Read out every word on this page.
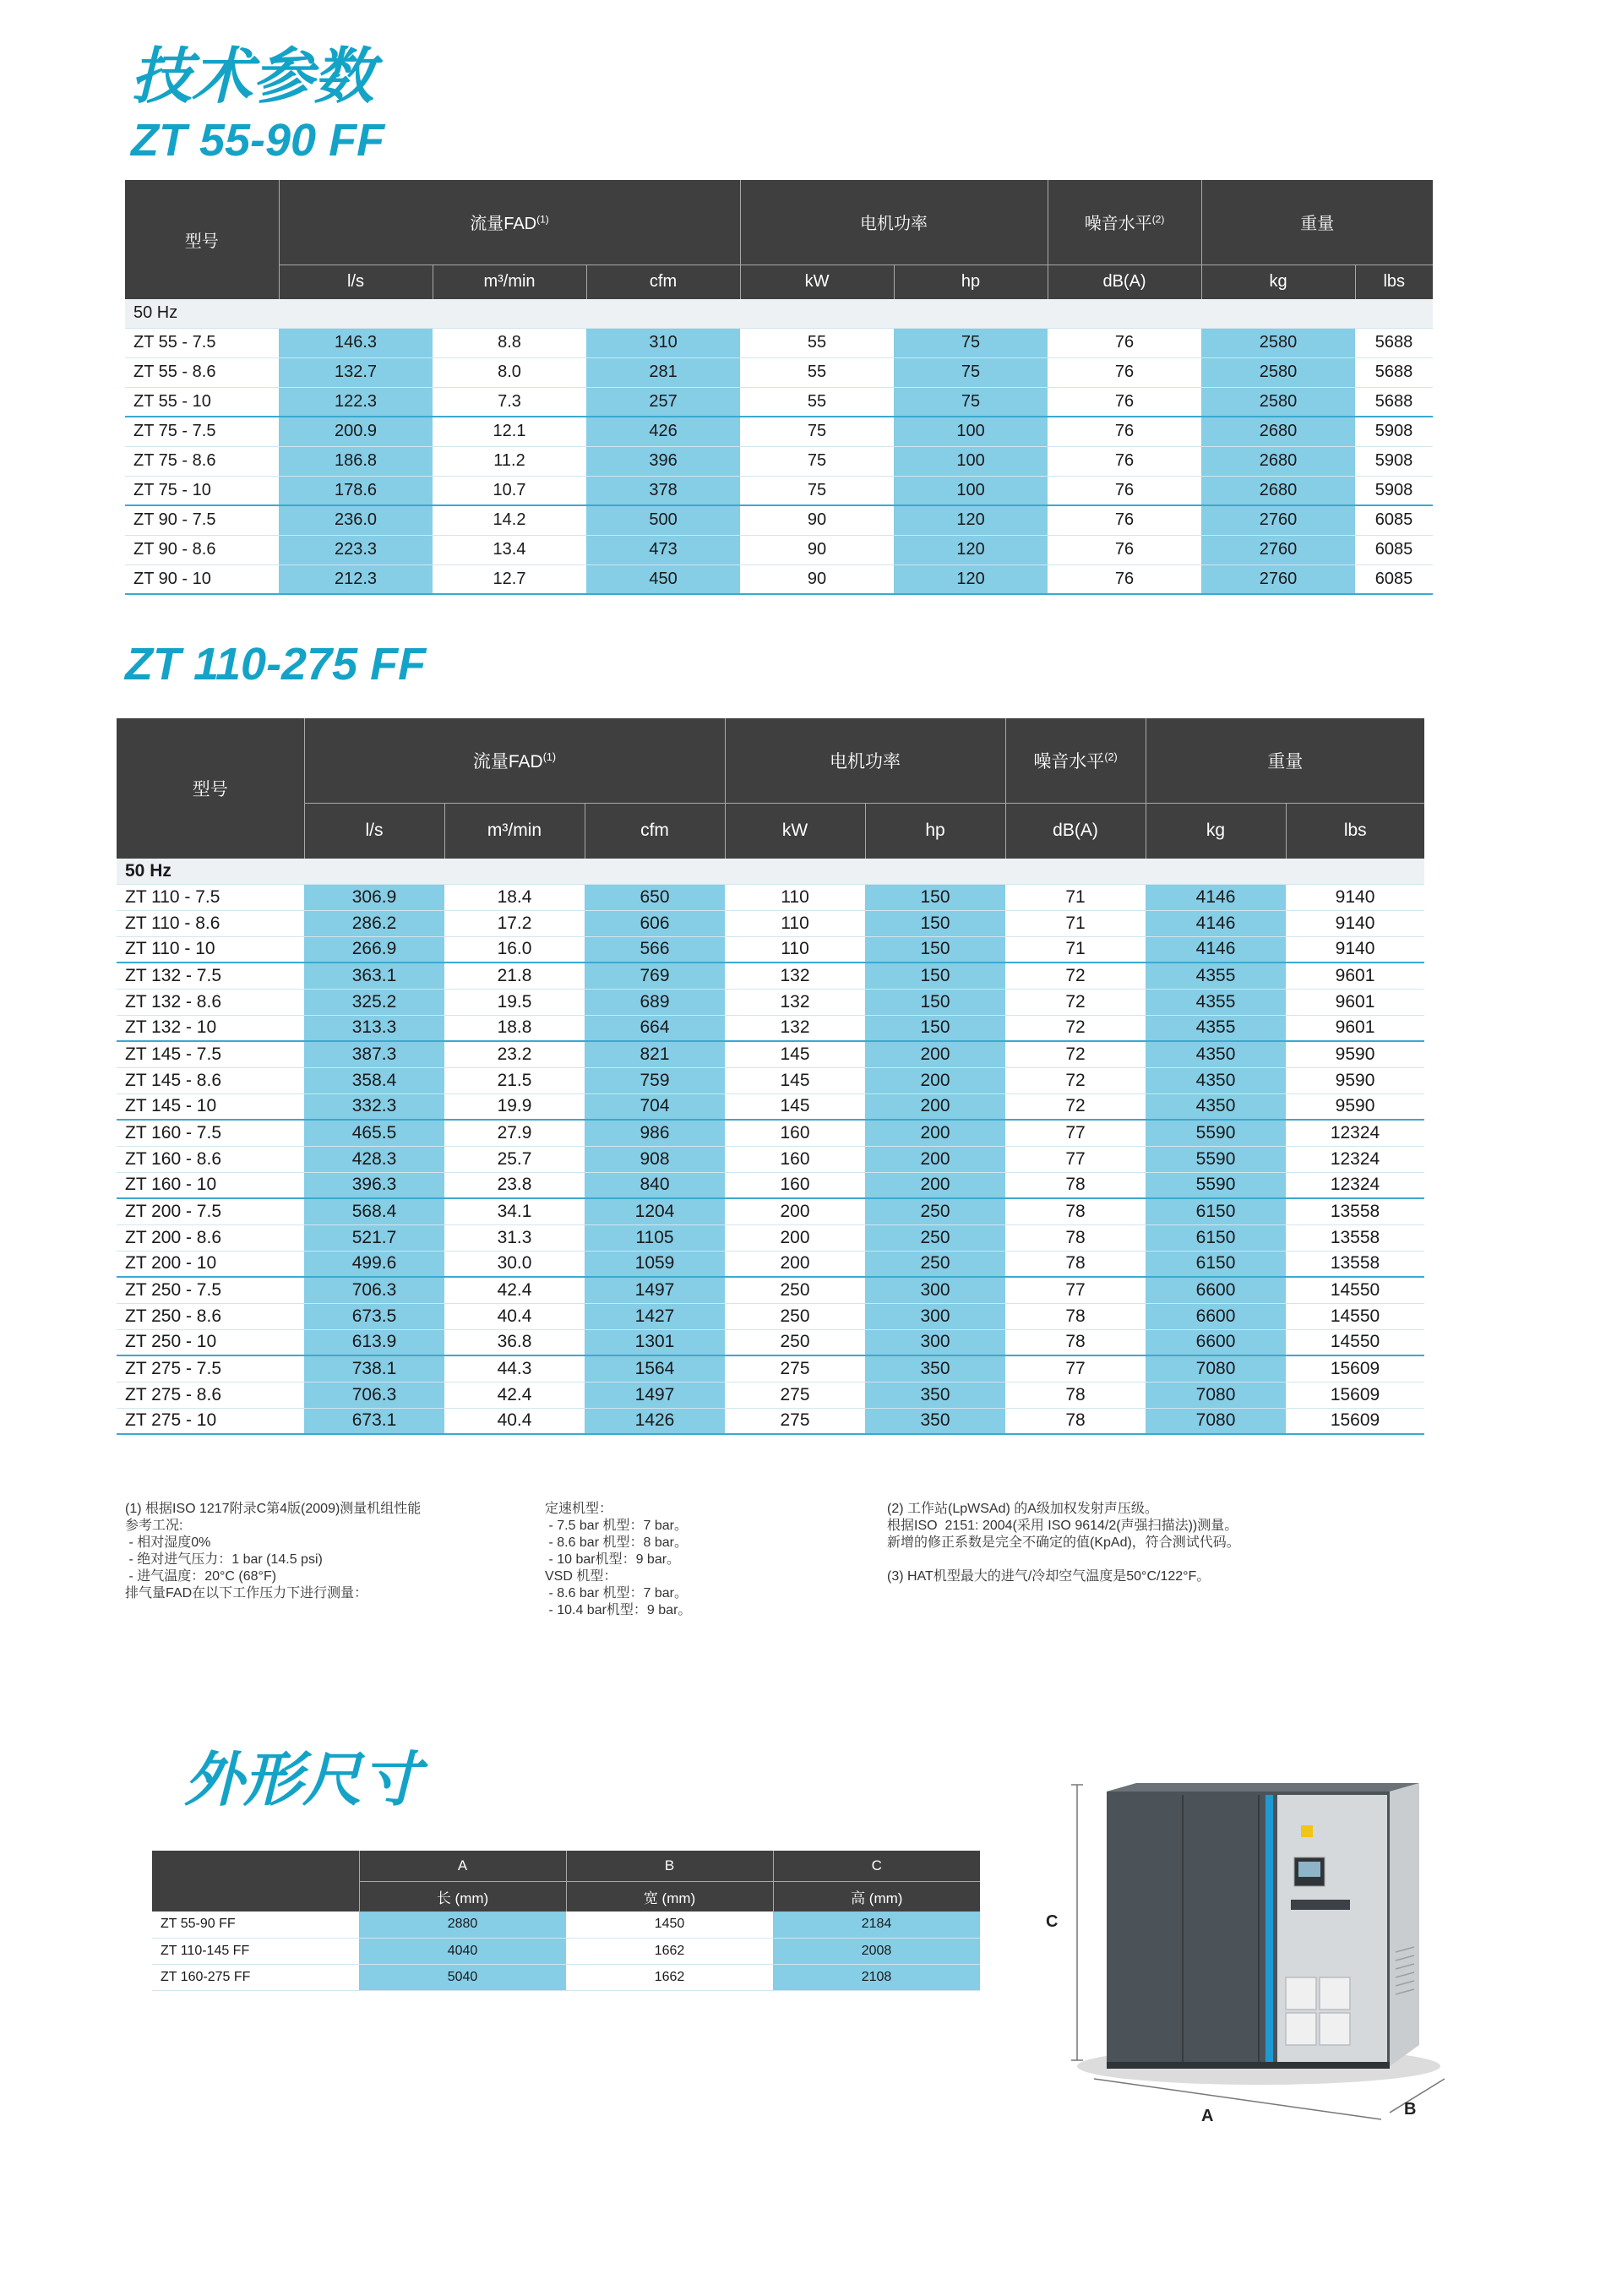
技术参数
ZT 55-90 FF
型号	流量FAD$^{(1)}$			电机功率		噪音水平$^{(2)}$	重量	
	l/s	m³/min	cfm	kW	hp	dB(A)	kg	lbs
50 Hz								
ZT 55 - 7.5	146.3	8.8	310	55	75	76	2580	5688
ZT 55 - 8.6	132.7	8.0	281	55	75	76	2580	5688
ZT 55 - 10	122.3	7.3	257	55	75	76	2580	5688
ZT 75 - 7.5	200.9	12.1	426	75	100	76	2680	5908
ZT 75 - 8.6	186.8	11.2	396	75	100	76	2680	5908
ZT 75 - 10	178.6	10.7	378	75	100	76	2680	5908
ZT 90 - 7.5	236.0	14.2	500	90	120	76	2760	6085
ZT 90 - 8.6	223.3	13.4	473	90	120	76	2760	6085
ZT 90 - 10	212.3	12.7	450	90	120	76	2760	6085
ZT 110-275 FF
型号	流量FAD$^{(1)}$			电机功率		噪音水平$^{(2)}$	重量	
	l/s	m³/min	cfm	kW	hp	dB(A)	kg	lbs
50 Hz								
ZT 110 - 7.5	306.9	18.4	650	110	150	71	4146	9140
ZT 110 - 8.6	286.2	17.2	606	110	150	71	4146	9140
ZT 110 - 10	266.9	16.0	566	110	150	71	4146	9140
ZT 132 - 7.5	363.1	21.8	769	132	150	72	4355	9601
ZT 132 - 8.6	325.2	19.5	689	132	150	72	4355	9601
ZT 132 - 10	313.3	18.8	664	132	150	72	4355	9601
ZT 145 - 7.5	387.3	23.2	821	145	200	72	4350	9590
ZT 145 - 8.6	358.4	21.5	759	145	200	72	4350	9590
ZT 145 - 10	332.3	19.9	704	145	200	72	4350	9590
ZT 160 - 7.5	465.5	27.9	986	160	200	77	5590	12324
ZT 160 - 8.6	428.3	25.7	908	160	200	77	5590	12324
ZT 160 - 10	396.3	23.8	840	160	200	78	5590	12324
ZT 200 - 7.5	568.4	34.1	1204	200	250	78	6150	13558
ZT 200 - 8.6	521.7	31.3	1105	200	250	78	6150	13558
ZT 200 - 10	499.6	30.0	1059	200	250	78	6150	13558
ZT 250 - 7.5	706.3	42.4	1497	250	300	77	6600	14550
ZT 250 - 8.6	673.5	40.4	1427	250	300	78	6600	14550
ZT 250 - 10	613.9	36.8	1301	250	300	78	6600	14550
ZT 275 - 7.5	738.1	44.3	1564	275	350	77	7080	15609
ZT 275 - 8.6	706.3	42.4	1497	275	350	78	7080	15609
ZT 275 - 10	673.1	40.4	1426	275	350	78	7080	15609
(1) 根据ISO 1217附录C第4版(2009)测量机组性能
参考工况:
- 相对湿度0%
- 绝对进气压力：1 bar (14.5 psi)
- 进气温度：20°C (68°F)
排气量FAD在以下工作压力下进行测量：
定速机型：
- 7.5 bar 机型：7 bar。
- 8.6 bar 机型：8 bar。
- 10 bar机型：9 bar。
VSD 机型：
- 8.6 bar 机型：7 bar。
- 10.4 bar机型：9 bar。
(2) 工作站(LpWSAd) 的A级加权发射声压级。
根据ISO  2151: 2004(采用 ISO 9614/2(声强扫描法))测量。
新增的修正系数是完全不确定的值(KpAd)，符合测试代码。

(3) HAT机型最大的进气/冷却空气温度是50°C/122°F。
外形尺寸
	A	B	C
	长 (mm)	宽 (mm)	高 (mm)
ZT 55-90 FF	2880	1450	2184
ZT 110-145 FF	4040	1662	2008
ZT 160-275 FF	5040	1662	2108
C
A	B
